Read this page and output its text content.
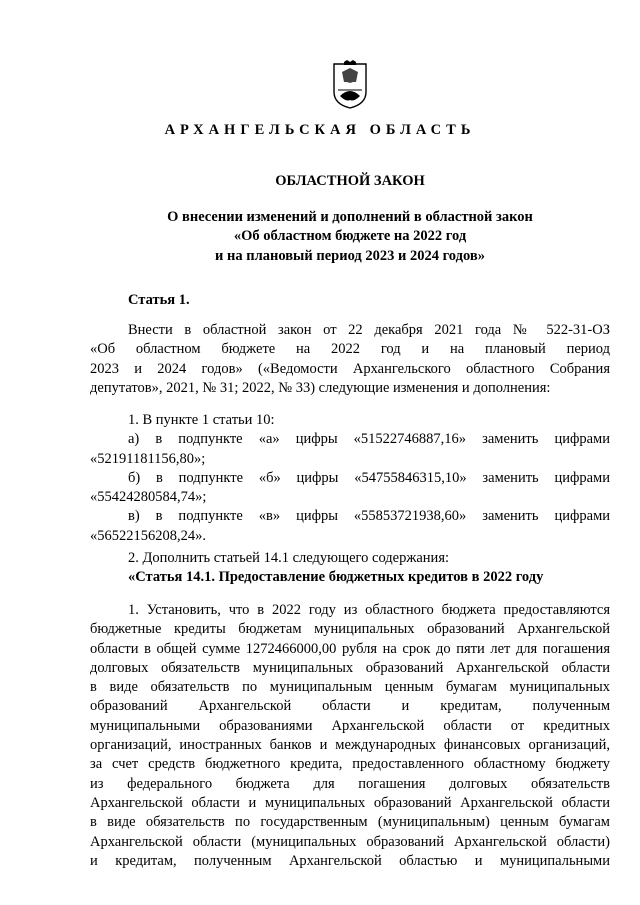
АРХАНГЕЛЬСКАЯ ОБЛАСТЬ
ОБЛАСТНОЙ ЗАКОН
О внесении изменений и дополнений в областной закон
«Об областном бюджете на 2022 год
и на плановый период 2023 и 2024 годов»
Статья 1.
Внести в областной закон от 22 декабря 2021 года № 522-31-ОЗ
«Об областном бюджете на 2022 год и на плановый период
2023 и 2024 годов» («Ведомости Архангельского областного Собрания
депутатов», 2021, № 31; 2022, № 33) следующие изменения и дополнения:
1. В пункте 1 статьи 10:
а) в подпункте «а» цифры «51522746887,16» заменить цифрами
«52191181156,80»;
б) в подпункте «б» цифры «54755846315,10» заменить цифрами
«55424280584,74»;
в) в подпункте «в» цифры «55853721938,60» заменить цифрами
«56522156208,24».
2. Дополнить статьей 14.1 следующего содержания:
«Статья 14.1. Предоставление бюджетных кредитов в 2022 году
1. Установить, что в 2022 году из областного бюджета предоставляются
бюджетные кредиты бюджетам муниципальных образований Архангельской
области в общей сумме 1272466000,00 рубля на срок до пяти лет для погашения
долговых обязательств муниципальных образований Архангельской области
в виде обязательств по муниципальным ценным бумагам муниципальных
образований Архангельской области и кредитам, полученным
муниципальными образованиями Архангельской области от кредитных
организаций, иностранных банков и международных финансовых организаций,
за счет средств бюджетного кредита, предоставленного областному бюджету
из федерального бюджета для погашения долговых обязательств
Архангельской области и муниципальных образований Архангельской области
в виде обязательств по государственным (муниципальным) ценным бумагам
Архангельской области (муниципальных образований Архангельской области)
и кредитам, полученным Архангельской областью и муниципальными
